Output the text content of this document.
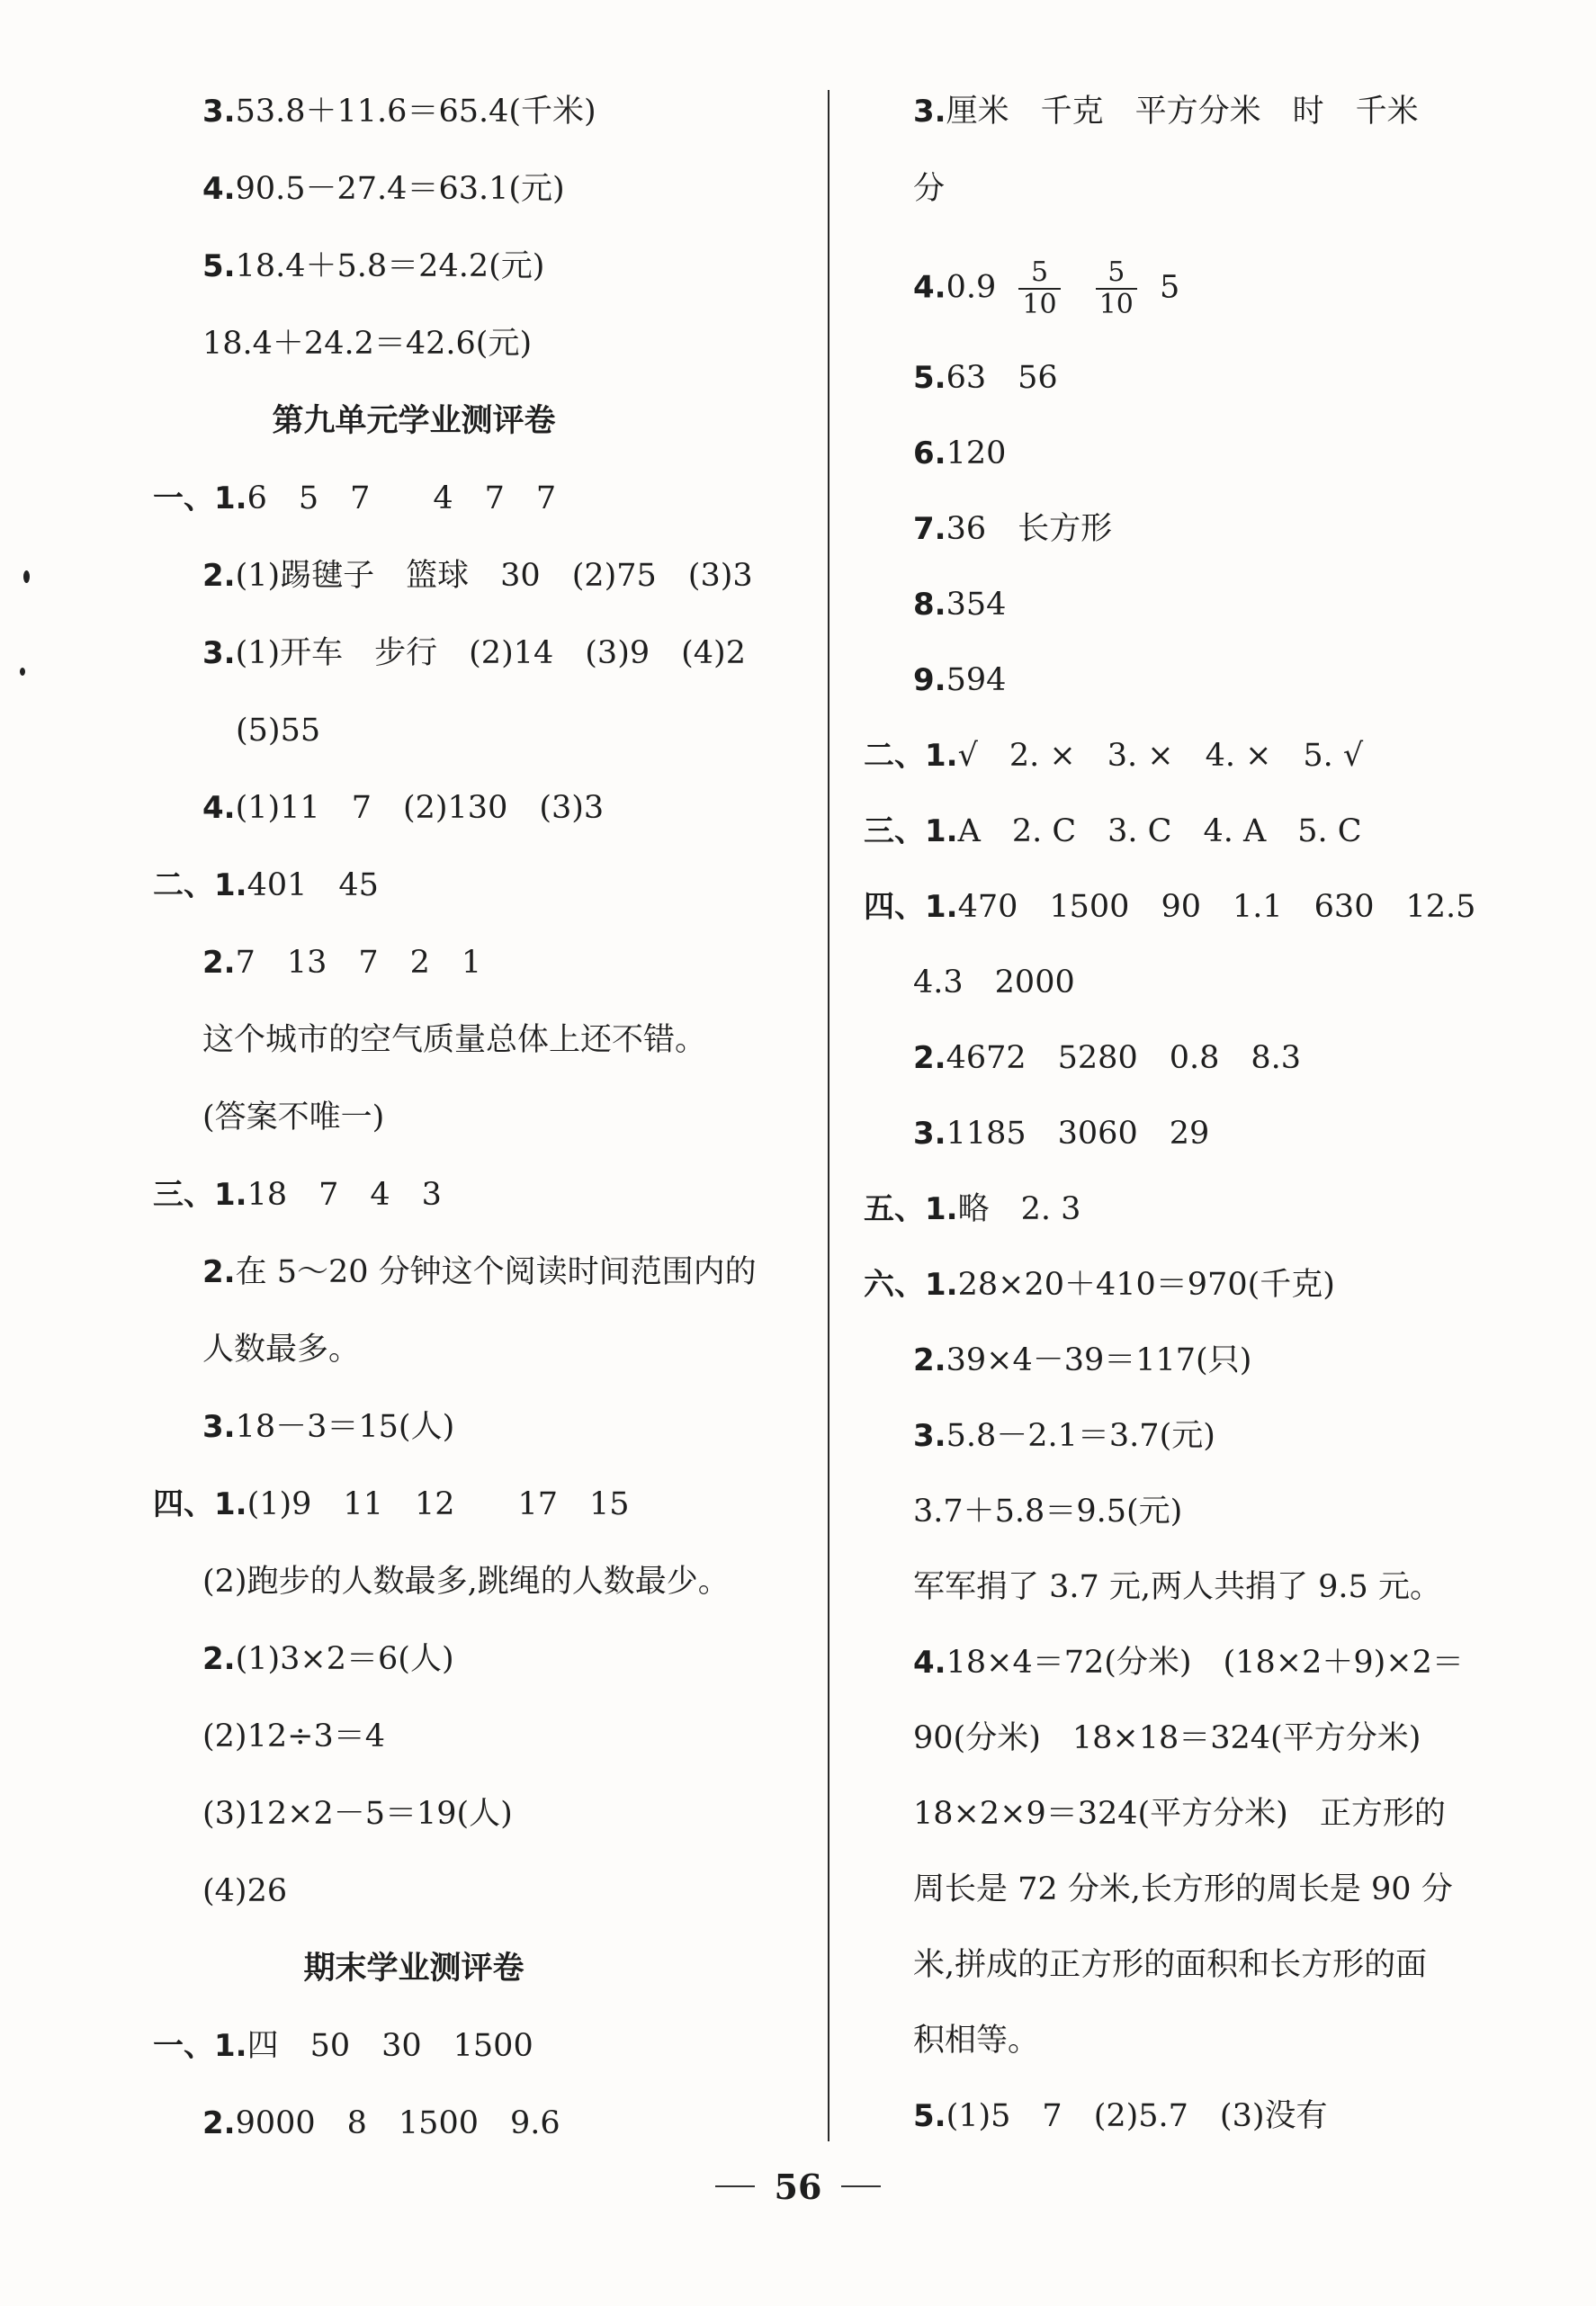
3.53.8＋11.6＝65.4(千米)
4.90.5－27.4＝63.1(元)
5.18.4＋5.8＝24.2(元)
18.4＋24.2＝42.6(元)
第九单元学业测评卷
一、1.6　5　7　　4　7　7
2.(1)踢毽子　篮球　30　(2)75　(3)3
3.(1)开车　步行　(2)14　(3)9　(4)2
(5)55
4.(1)11　7　(2)130　(3)3
二、1.401　45
2.7　13　7　2　1
这个城市的空气质量总体上还不错。
(答案不唯一)
三、1.18　7　4　3
2.在 5～20 分钟这个阅读时间范围内的
人数最多。
3.18－3＝15(人)
四、1.(1)9　11　12　　17　15
(2)跑步的人数最多,跳绳的人数最少。
2.(1)3×2＝6(人)
(2)12÷3＝4
(3)12×2－5＝19(人)
(4)26
期末学业测评卷
一、1.四　50　30　1500
2.9000　8　1500　9.6
3.厘米　千克　平方分米　时　千米
分
$4.0.9 \frac{5}{10}$
$\frac{5}{10} 5$
5.63　56
6.120
7.36　长方形
8.354
9.594
二、1.√　2. ×　3. ×　4. ×　5. √
三、1.A　2. C　3. C　4. A　5. C
四、1.470　1500　90　1.1　630　12.5
4.3　2000
2.4672　5280　0.8　8.3
3.1185　3060　29
五、1.略　2. 3
六、1.28×20＋410＝970(千克)
2.39×4－39＝117(只)
3.5.8－2.1＝3.7(元)
3.7＋5.8＝9.5(元)
军军捐了 3.7 元,两人共捐了 9.5 元。
4.18×4＝72(分米)　(18×2＋9)×2＝
90(分米)　18×18＝324(平方分米)
18×2×9＝324(平方分米)　正方形的
周长是 72 分米,长方形的周长是 90 分
米,拼成的正方形的面积和长方形的面
积相等。
5.(1)5　7　(2)5.7　(3)没有
56
